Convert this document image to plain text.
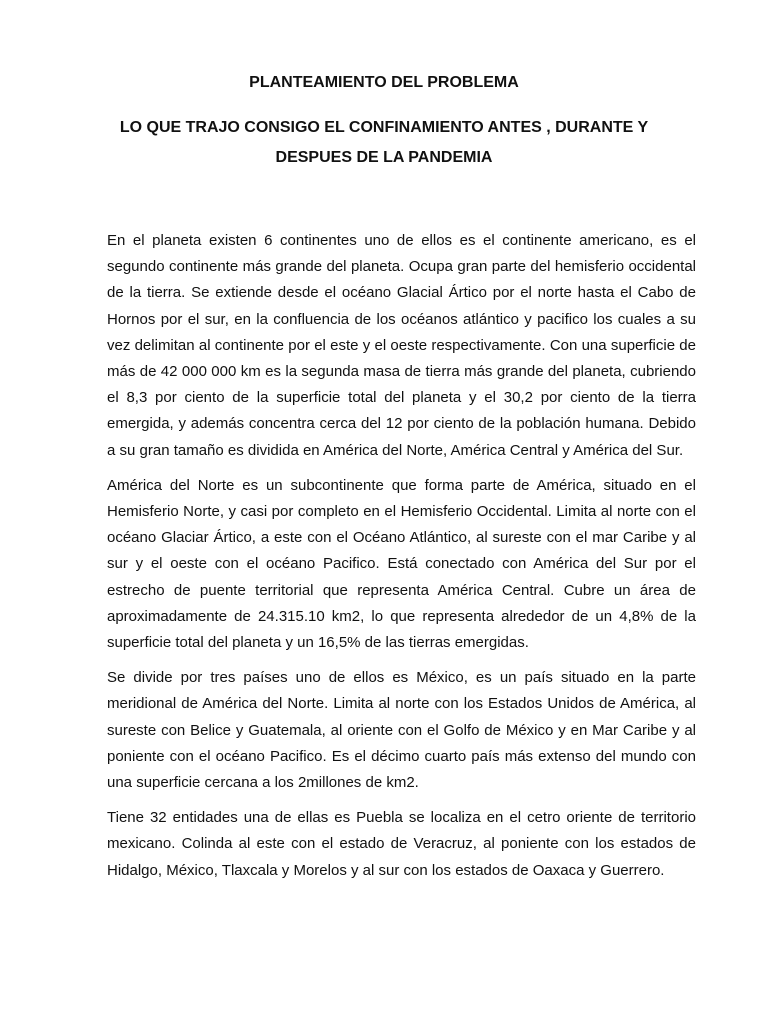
PLANTEAMIENTO DEL PROBLEMA
LO QUE TRAJO CONSIGO EL CONFINAMIENTO ANTES , DURANTE Y
DESPUES DE LA PANDEMIA

En el planeta existen 6 continentes uno de ellos es el continente americano, es el segundo continente más grande del planeta. Ocupa gran parte del hemisferio occidental de la tierra. Se extiende desde el océano Glacial Ártico por el norte hasta el Cabo de Hornos por el sur, en la confluencia de los océanos atlántico y pacifico los cuales a su vez delimitan al continente por el este y el oeste respectivamente. Con una superficie de más de 42 000 000 km es la segunda masa de tierra más grande del planeta, cubriendo el 8,3 por ciento de la superficie total del planeta y el 30,2 por ciento de la tierra emergida, y además concentra cerca del 12 por ciento de la población humana. Debido a su gran tamaño es dividida en América del Norte, América Central y América del Sur.

América del Norte es un subcontinente que forma parte de América, situado en el Hemisferio Norte, y casi por completo en el Hemisferio Occidental. Limita al norte con el océano Glaciar Ártico, a este con el Océano Atlántico, al sureste con el mar Caribe y al sur y el oeste con el océano Pacifico. Está conectado con América del Sur por el estrecho de puente territorial que representa América Central. Cubre un área de aproximadamente de 24.315.10 km2, lo que representa alrededor de un 4,8% de la superficie total del planeta y un 16,5% de las tierras emergidas.

Se divide por tres países uno de ellos es México, es un país situado en la parte meridional de América del Norte. Limita al norte con los Estados Unidos de América, al sureste con Belice y Guatemala, al oriente con el Golfo de México y en Mar Caribe y al poniente con el océano Pacifico. Es el décimo cuarto país más extenso del mundo con una superficie cercana a los 2millones de km2.

Tiene 32 entidades una de ellas es Puebla se localiza en el cetro oriente de territorio mexicano. Colinda al este con el estado de Veracruz, al poniente con los estados de Hidalgo, México, Tlaxcala y Morelos y al sur con los estados de Oaxaca y Guerrero.
